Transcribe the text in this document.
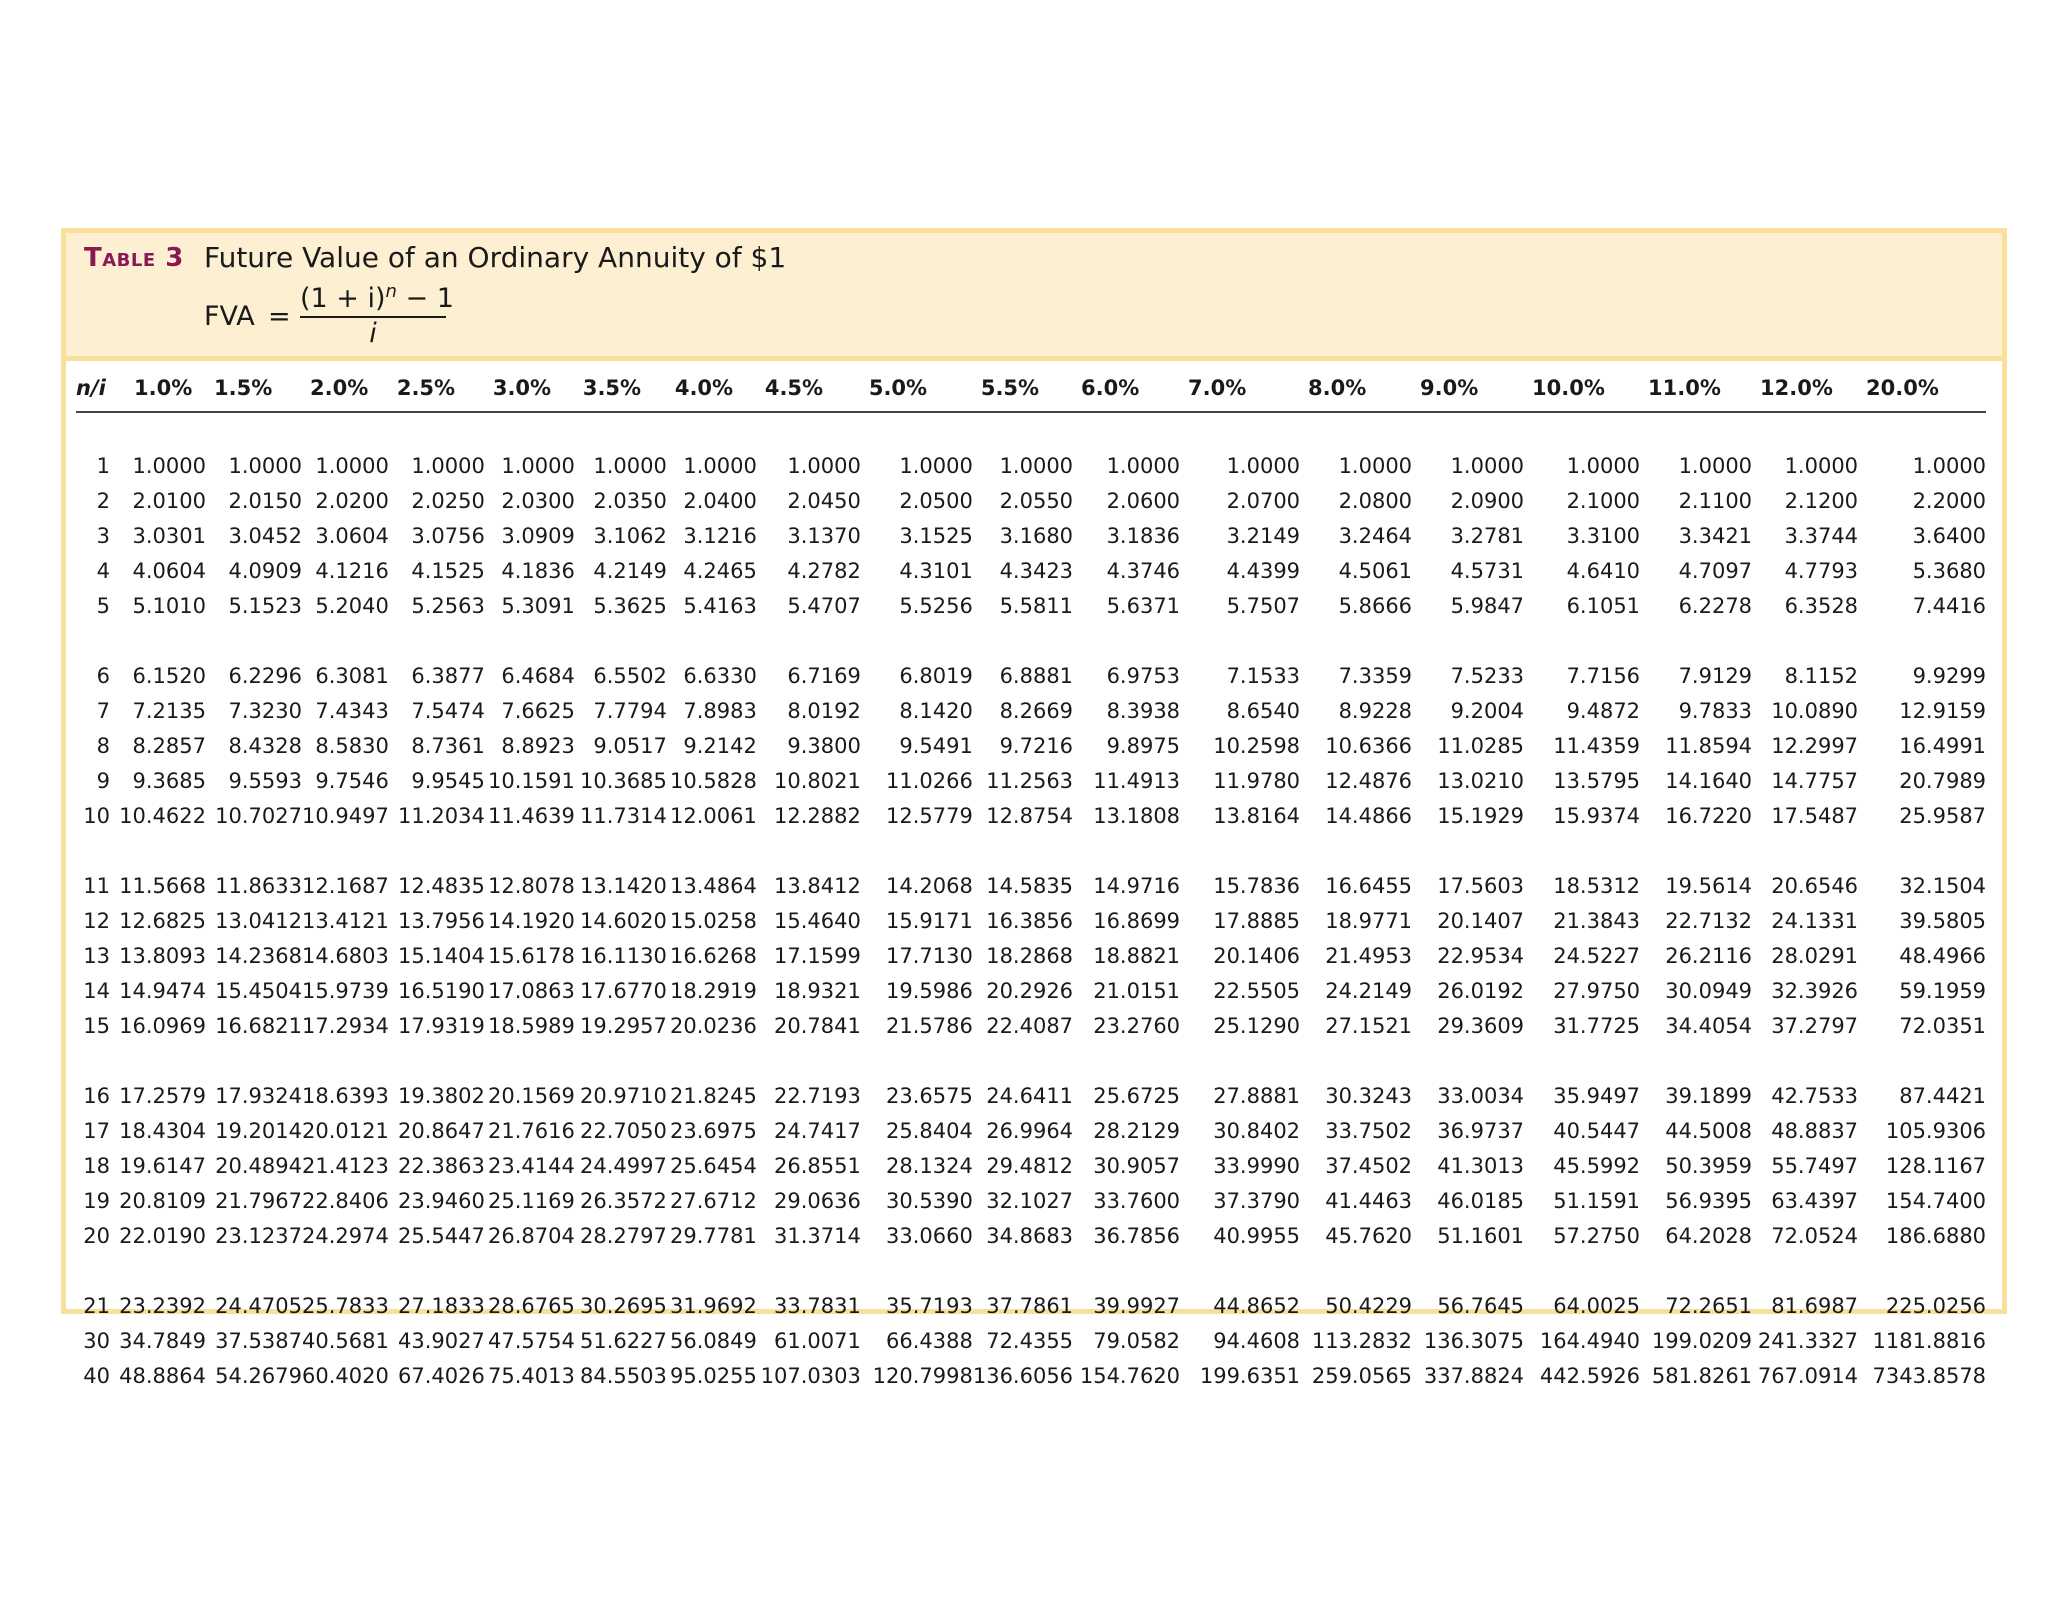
Table 3 Future Value of an Ordinary Annuity of $1
FVA =
$(1 + i)^n - 1$
i
n/i	1.0%	1.5%	2.0%	2.5%	3.0%	3.5%	4.0%	4.5%	5.0%	5.5%	6.0%	7.0%	8.0%	9.0%	10.0%	11.0%	12.0%	20.0%

1	1.0000	1.0000	1.0000	1.0000	1.0000	1.0000	1.0000	1.0000	1.0000	1.0000	1.0000	1.0000	1.0000	1.0000	1.0000	1.0000	1.0000	1.0000
2	2.0100	2.0150	2.0200	2.0250	2.0300	2.0350	2.0400	2.0450	2.0500	2.0550	2.0600	2.0700	2.0800	2.0900	2.1000	2.1100	2.1200	2.2000
3	3.0301	3.0452	3.0604	3.0756	3.0909	3.1062	3.1216	3.1370	3.1525	3.1680	3.1836	3.2149	3.2464	3.2781	3.3100	3.3421	3.3744	3.6400
4	4.0604	4.0909	4.1216	4.1525	4.1836	4.2149	4.2465	4.2782	4.3101	4.3423	4.3746	4.4399	4.5061	4.5731	4.6410	4.7097	4.7793	5.3680
5	5.1010	5.1523	5.2040	5.2563	5.3091	5.3625	5.4163	5.4707	5.5256	5.5811	5.6371	5.7507	5.8666	5.9847	6.1051	6.2278	6.3528	7.4416

6	6.1520	6.2296	6.3081	6.3877	6.4684	6.5502	6.6330	6.7169	6.8019	6.8881	6.9753	7.1533	7.3359	7.5233	7.7156	7.9129	8.1152	9.9299
7	7.2135	7.3230	7.4343	7.5474	7.6625	7.7794	7.8983	8.0192	8.1420	8.2669	8.3938	8.6540	8.9228	9.2004	9.4872	9.7833	10.0890	12.9159
8	8.2857	8.4328	8.5830	8.7361	8.8923	9.0517	9.2142	9.3800	9.5491	9.7216	9.8975	10.2598	10.6366	11.0285	11.4359	11.8594	12.2997	16.4991
9	9.3685	9.5593	9.7546	9.9545	10.1591	10.3685	10.5828	10.8021	11.0266	11.2563	11.4913	11.9780	12.4876	13.0210	13.5795	14.1640	14.7757	20.7989
10	10.4622	10.7027	10.9497	11.2034	11.4639	11.7314	12.0061	12.2882	12.5779	12.8754	13.1808	13.8164	14.4866	15.1929	15.9374	16.7220	17.5487	25.9587

11	11.5668	11.8633	12.1687	12.4835	12.8078	13.1420	13.4864	13.8412	14.2068	14.5835	14.9716	15.7836	16.6455	17.5603	18.5312	19.5614	20.6546	32.1504
12	12.6825	13.0412	13.4121	13.7956	14.1920	14.6020	15.0258	15.4640	15.9171	16.3856	16.8699	17.8885	18.9771	20.1407	21.3843	22.7132	24.1331	39.5805
13	13.8093	14.2368	14.6803	15.1404	15.6178	16.1130	16.6268	17.1599	17.7130	18.2868	18.8821	20.1406	21.4953	22.9534	24.5227	26.2116	28.0291	48.4966
14	14.9474	15.4504	15.9739	16.5190	17.0863	17.6770	18.2919	18.9321	19.5986	20.2926	21.0151	22.5505	24.2149	26.0192	27.9750	30.0949	32.3926	59.1959
15	16.0969	16.6821	17.2934	17.9319	18.5989	19.2957	20.0236	20.7841	21.5786	22.4087	23.2760	25.1290	27.1521	29.3609	31.7725	34.4054	37.2797	72.0351

16	17.2579	17.9324	18.6393	19.3802	20.1569	20.9710	21.8245	22.7193	23.6575	24.6411	25.6725	27.8881	30.3243	33.0034	35.9497	39.1899	42.7533	87.4421
17	18.4304	19.2014	20.0121	20.8647	21.7616	22.7050	23.6975	24.7417	25.8404	26.9964	28.2129	30.8402	33.7502	36.9737	40.5447	44.5008	48.8837	105.9306
18	19.6147	20.4894	21.4123	22.3863	23.4144	24.4997	25.6454	26.8551	28.1324	29.4812	30.9057	33.9990	37.4502	41.3013	45.5992	50.3959	55.7497	128.1167
19	20.8109	21.7967	22.8406	23.9460	25.1169	26.3572	27.6712	29.0636	30.5390	32.1027	33.7600	37.3790	41.4463	46.0185	51.1591	56.9395	63.4397	154.7400
20	22.0190	23.1237	24.2974	25.5447	26.8704	28.2797	29.7781	31.3714	33.0660	34.8683	36.7856	40.9955	45.7620	51.1601	57.2750	64.2028	72.0524	186.6880

21	23.2392	24.4705	25.7833	27.1833	28.6765	30.2695	31.9692	33.7831	35.7193	37.7861	39.9927	44.8652	50.4229	56.7645	64.0025	72.2651	81.6987	225.0256
30	34.7849	37.5387	40.5681	43.9027	47.5754	51.6227	56.0849	61.0071	66.4388	72.4355	79.0582	94.4608	113.2832	136.3075	164.4940	199.0209	241.3327	1181.8816
40	48.8864	54.2679	60.4020	67.4026	75.4013	84.5503	95.0255	107.0303	120.7998	136.6056	154.7620	199.6351	259.0565	337.8824	442.5926	581.8261	767.0914	7343.8578
